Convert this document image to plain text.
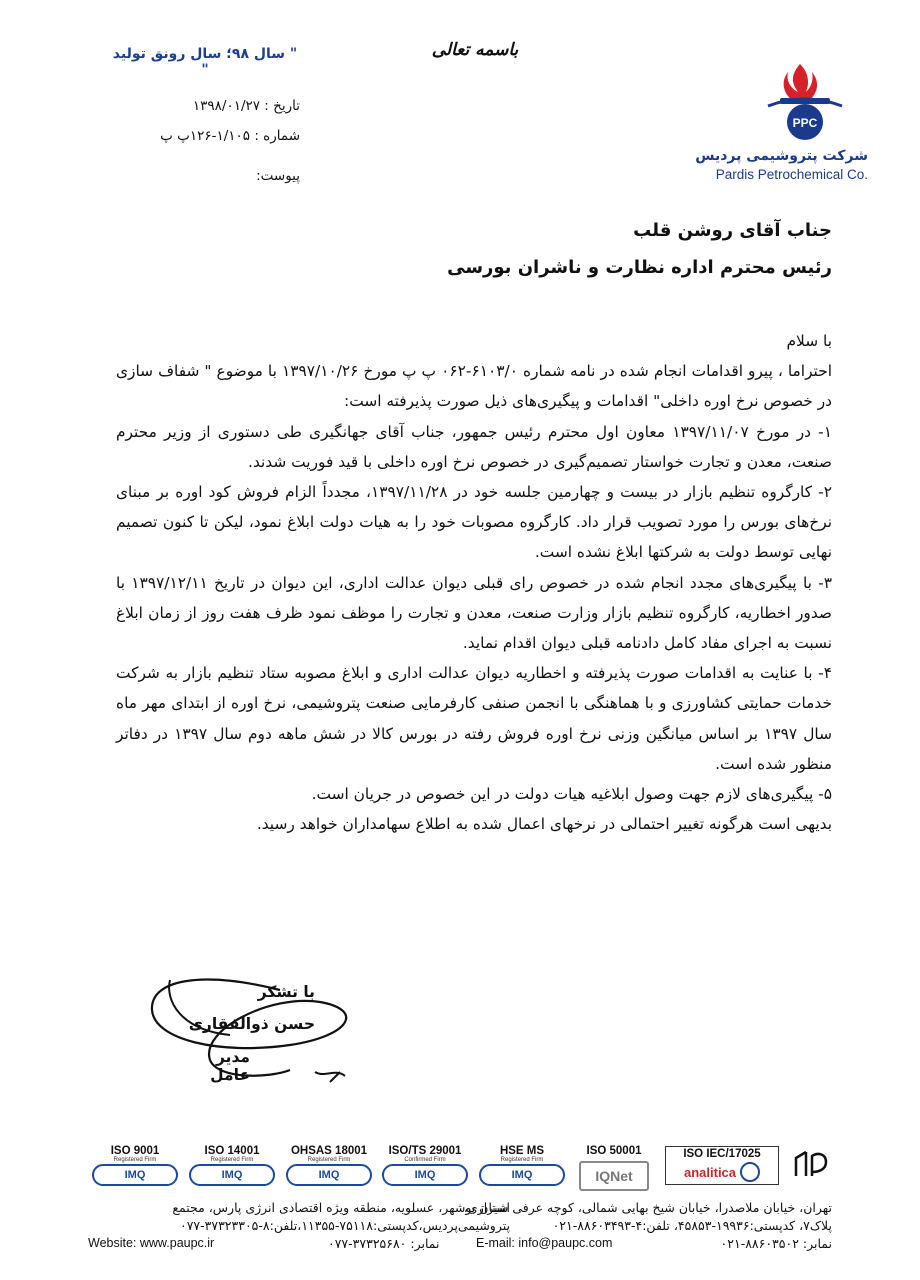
" سال ۹۸؛ سال رونق تولید "
باسمه تعالی
تاریخ : ۱۳۹۸/۰۱/۲۷
شماره : ۱/۱۰۵-۱۲۶پ پ
پیوست:
PPC
شرکت پتروشیمی پردیس
Pardis Petrochemical Co.
جناب آقای روشن قلب
رئیس محترم اداره نظارت و ناشران بورسی

با سلام

احتراما ، پیرو اقدامات انجام شده در نامه شماره ۶۱۰۳/۰-۰۶۲ پ پ مورخ ۱۳۹۷/۱۰/۲۶ با موضوع " شفاف سازی در خصوص نرخ اوره داخلی" اقدامات و پیگیری‌های ذیل صورت پذیرفته است:

۱- در مورخ ۱۳۹۷/۱۱/۰۷ معاون اول محترم رئیس جمهور، جناب آقای جهانگیری طی دستوری از وزیر محترم صنعت، معدن و تجارت خواستار تصمیم‌گیری در خصوص نرخ اوره داخلی با قید فوریت شدند.

۲- کارگروه تنظیم بازار در بیست و چهارمین جلسه خود در ۱۳۹۷/۱۱/۲۸، مجدداً الزام فروش کود اوره بر مبنای نرخ‌های بورس را مورد تصویب قرار داد. کارگروه مصوبات خود را به هیات دولت ابلاغ نمود، لیکن تا کنون تصمیم نهایی توسط دولت به شرکتها ابلاغ نشده است.

۳- با پیگیری‌های مجدد انجام شده در خصوص رای قبلی دیوان عدالت اداری، این دیوان در تاریخ ۱۳۹۷/۱۲/۱۱ با صدور اخطاریه، کارگروه تنظیم بازار وزارت صنعت، معدن و تجارت را موظف نمود ظرف هفت روز از زمان ابلاغ نسبت به اجرای مفاد کامل دادنامه قبلی دیوان اقدام نماید.

۴- با عنایت به اقدامات صورت پذیرفته و اخطاریه دیوان عدالت اداری و ابلاغ مصوبه ستاد تنظیم بازار به شرکت خدمات حمایتی کشاورزی و با هماهنگی با انجمن صنفی کارفرمایی صنعت پتروشیمی، نرخ اوره از ابتدای مهر ماه سال ۱۳۹۷ بر اساس میانگین وزنی نرخ اوره فروش رفته در بورس کالا در شش ماهه دوم سال ۱۳۹۷ در دفاتر منظور شده است.

۵- پیگیری‌های لازم جهت وصول ابلاغیه هیات دولت در این خصوص در جریان است.

بدیهی است هرگونه تغییر احتمالی در نرخهای اعمال شده به اطلاع سهامداران خواهد رسید.

با تشکر
حسن ذوالفقاری
مدیر عامل
ISO 9001
Registered Firm
IMQ
ISO 14001
Registered Firm
IMQ
OHSAS 18001
Registered Firm
IMQ
ISO/TS 29001
Confirmed Firm
IMQ
HSE MS
Registered Firm
IMQ
ISO 50001
IQNet
ISO IEC/17025
analitica
استان بوشهر، عسلویه، منطقه ویژه اقتصادی انرژی پارس، مجتمع
پتروشیمی‌پردیس،کدپستی:۷۵۱۱۸-۱۱۳۵۵،تلفن:۸-۳۷۳۲۳۳۰۵-۰۷۷
نمابر: ۳۷۳۲۵۶۸۰-۰۷۷
Website: www.paupc.ir
تهران، خیابان ملاصدرا، خیابان شیخ بهایی شمالی، کوچه عرفی شیرازی،
پلاک۷، کدپستی:۱۹۹۳۶-۴۵۸۵۳، تلفن:۴-۸۸۶۰۳۴۹۳-۰۲۱
نمابر: ۸۸۶۰۳۵۰۲-۰۲۱
E-mail: info@paupc.com
